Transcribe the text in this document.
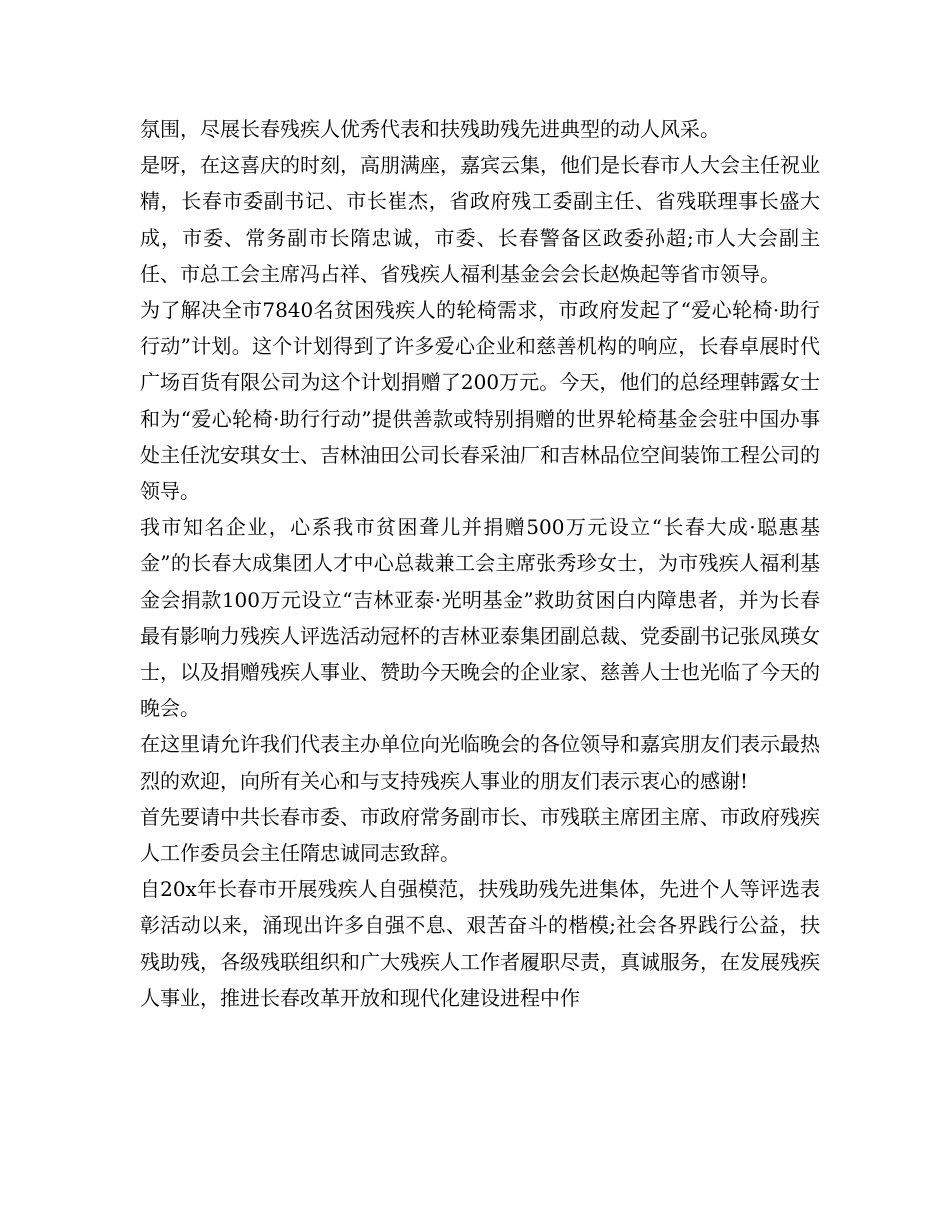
氛围，尽展长春残疾人优秀代表和扶残助残先进典型的动人风采。

是呀，在这喜庆的时刻，高朋满座，嘉宾云集，他们是长春市人大会主任祝业精，长春市委副书记、市长崔杰，省政府残工委副主任、省残联理事长盛大成，市委、常务副市长隋忠诚，市委、长春警备区政委孙超;市人大会副主任、市总工会主席冯占祥、省残疾人福利基金会会长赵焕起等省市领导。

为了解决全市7840名贫困残疾人的轮椅需求，市政府发起了“爱心轮椅·助行行动”计划。这个计划得到了许多爱心企业和慈善机构的响应，长春卓展时代广场百货有限公司为这个计划捐赠了200万元。今天，他们的总经理韩露女士和为“爱心轮椅·助行行动”提供善款或特别捐赠的世界轮椅基金会驻中国办事处主任沈安琪女士、吉林油田公司长春采油厂和吉林品位空间装饰工程公司的领导。

我市知名企业，心系我市贫困聋儿并捐赠500万元设立“长春大成·聪惠基金”的长春大成集团人才中心总裁兼工会主席张秀珍女士，为市残疾人福利基金会捐款100万元设立“吉林亚泰·光明基金”救助贫困白内障患者，并为长春最有影响力残疾人评选活动冠杯的吉林亚泰集团副总裁、党委副书记张凤瑛女士，以及捐赠残疾人事业、赞助今天晚会的企业家、慈善人士也光临了今天的晚会。

在这里请允许我们代表主办单位向光临晚会的各位领导和嘉宾朋友们表示最热烈的欢迎，向所有关心和与支持残疾人事业的朋友们表示衷心的感谢!

首先要请中共长春市委、市政府常务副市长、市残联主席团主席、市政府残疾人工作委员会主任隋忠诚同志致辞。

自20x年长春市开展残疾人自强模范，扶残助残先进集体，先进个人等评选表彰活动以来，涌现出许多自强不息、艰苦奋斗的楷模;社会各界践行公益，扶残助残，各级残联组织和广大残疾人工作者履职尽责，真诚服务，在发展残疾人事业，推进长春改革开放和现代化建设进程中作
